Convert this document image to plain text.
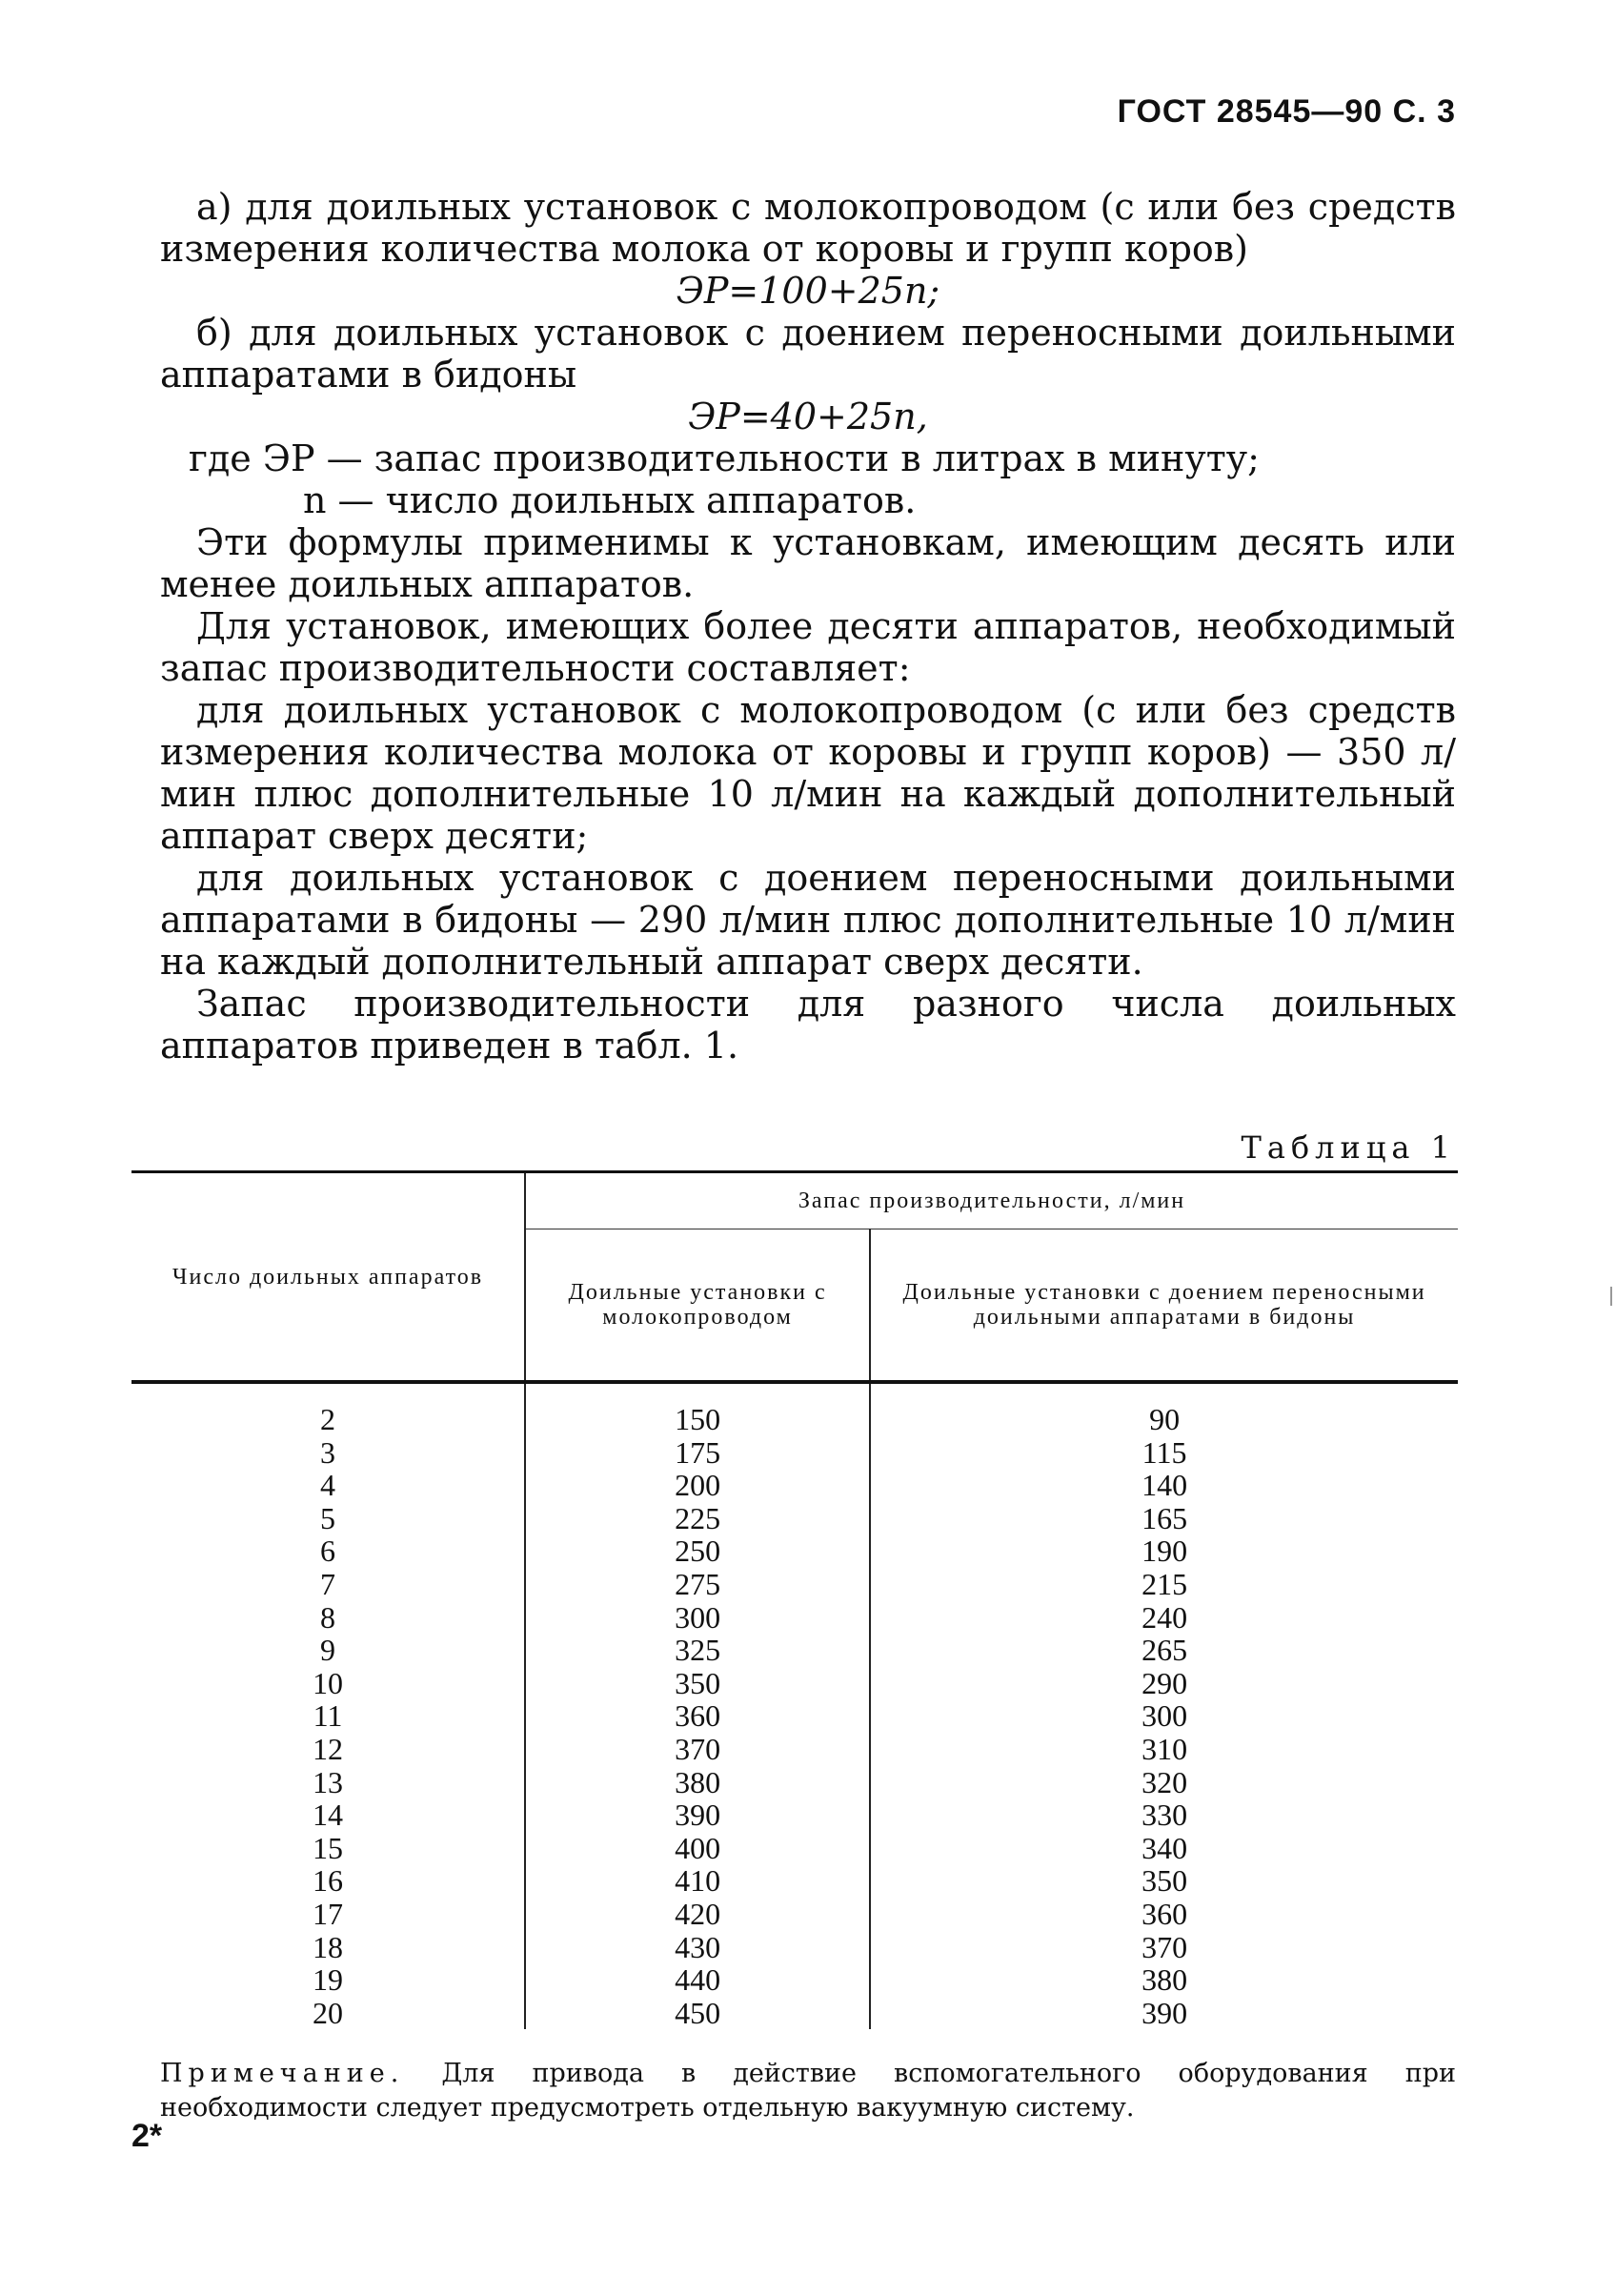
ГОСТ 28545—90 С. 3

а) для доильных установок с молокопроводом (с или без средств измерения количества молока от коровы и групп коров)

ЭР=100+25n;

б) для доильных установок с доением переносными доильными аппаратами в бидоны

ЭР=40+25n,

где ЭР — запас производительности в литрах в минуту;

n — число доильных аппаратов.

Эти формулы применимы к установкам, имеющим десять или менее доильных аппаратов.

Для установок, имеющих более десяти аппаратов, необходимый запас производительности составляет:

для доильных установок с молокопроводом (с или без средств измерения количества молока от коровы и групп коров) — 350 л/мин плюс дополнительные 10 л/мин на каждый дополнительный аппарат сверх десяти;

для доильных установок с доением переносными доильными аппаратами в бидоны — 290 л/мин плюс дополнительные 10 л/мин на каждый дополнительный аппарат сверх десяти.

Запас производительности для разного числа доильных аппаратов приведен в табл. 1.

Таблица 1
Число доильных аппаратов	Запас производительности, л/мин	
	Доильные установки с молокопроводом	Доильные установки с доением переносными доильными аппаратами в бидоны
2	150	90
3	175	115
4	200	140
5	225	165
6	250	190
7	275	215
8	300	240
9	325	265
10	350	290
11	360	300
12	370	310
13	380	320
14	390	330
15	400	340
16	410	350
17	420	360
18	430	370
19	440	380
20	450	390
Примечание. Для привода в действие вспомогательного оборудования при необходимости следует предусмотреть отдельную вакуумную систему.
2*
